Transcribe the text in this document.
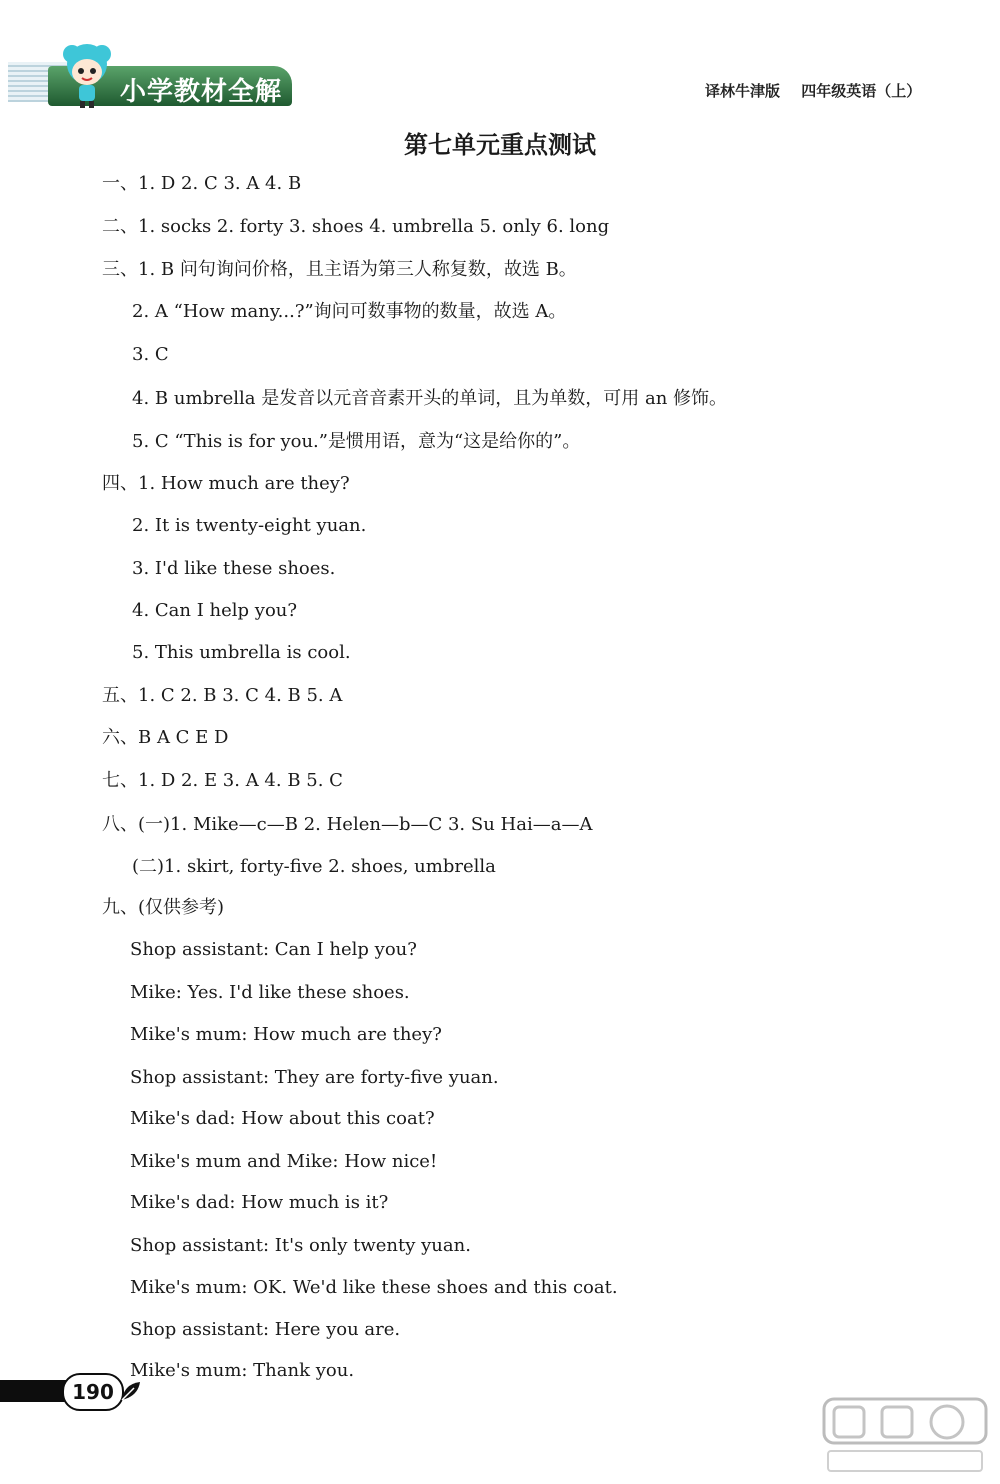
小学教材全解	译林牛津版 四年级英语（上）
第七单元重点测试
一、1. D 2. C 3. A 4. B
二、1. socks 2. forty 3. shoes 4. umbrella 5. only 6. long
三、1. B 问句询问价格，且主语为第三人称复数，故选 B。
2. A “How many...?”询问可数事物的数量，故选 A。
3. C
4. B umbrella 是发音以元音音素开头的单词，且为单数，可用 an 修饰。
5. C “This is for you.”是惯用语，意为“这是给你的”。
四、1. How much are they?
2. It is twenty-eight yuan.
3. I'd like these shoes.
4. Can I help you?
5. This umbrella is cool.
五、1. C 2. B 3. C 4. B 5. A
六、B A C E D
七、1. D 2. E 3. A 4. B 5. C
八、(一)1. Mike—c—B 2. Helen—b—C 3. Su Hai—a—A
(二)1. skirt, forty-five 2. shoes, umbrella
九、(仅供参考)
Shop assistant: Can I help you?
Mike: Yes. I'd like these shoes.
Mike's mum: How much are they?
Shop assistant: They are forty-five yuan.
Mike's dad: How about this coat?
Mike's mum and Mike: How nice!
Mike's dad: How much is it?
Shop assistant: It's only twenty yuan.
Mike's mum: OK. We'd like these shoes and this coat.
Shop assistant: Here you are.
Mike's mum: Thank you.
190
